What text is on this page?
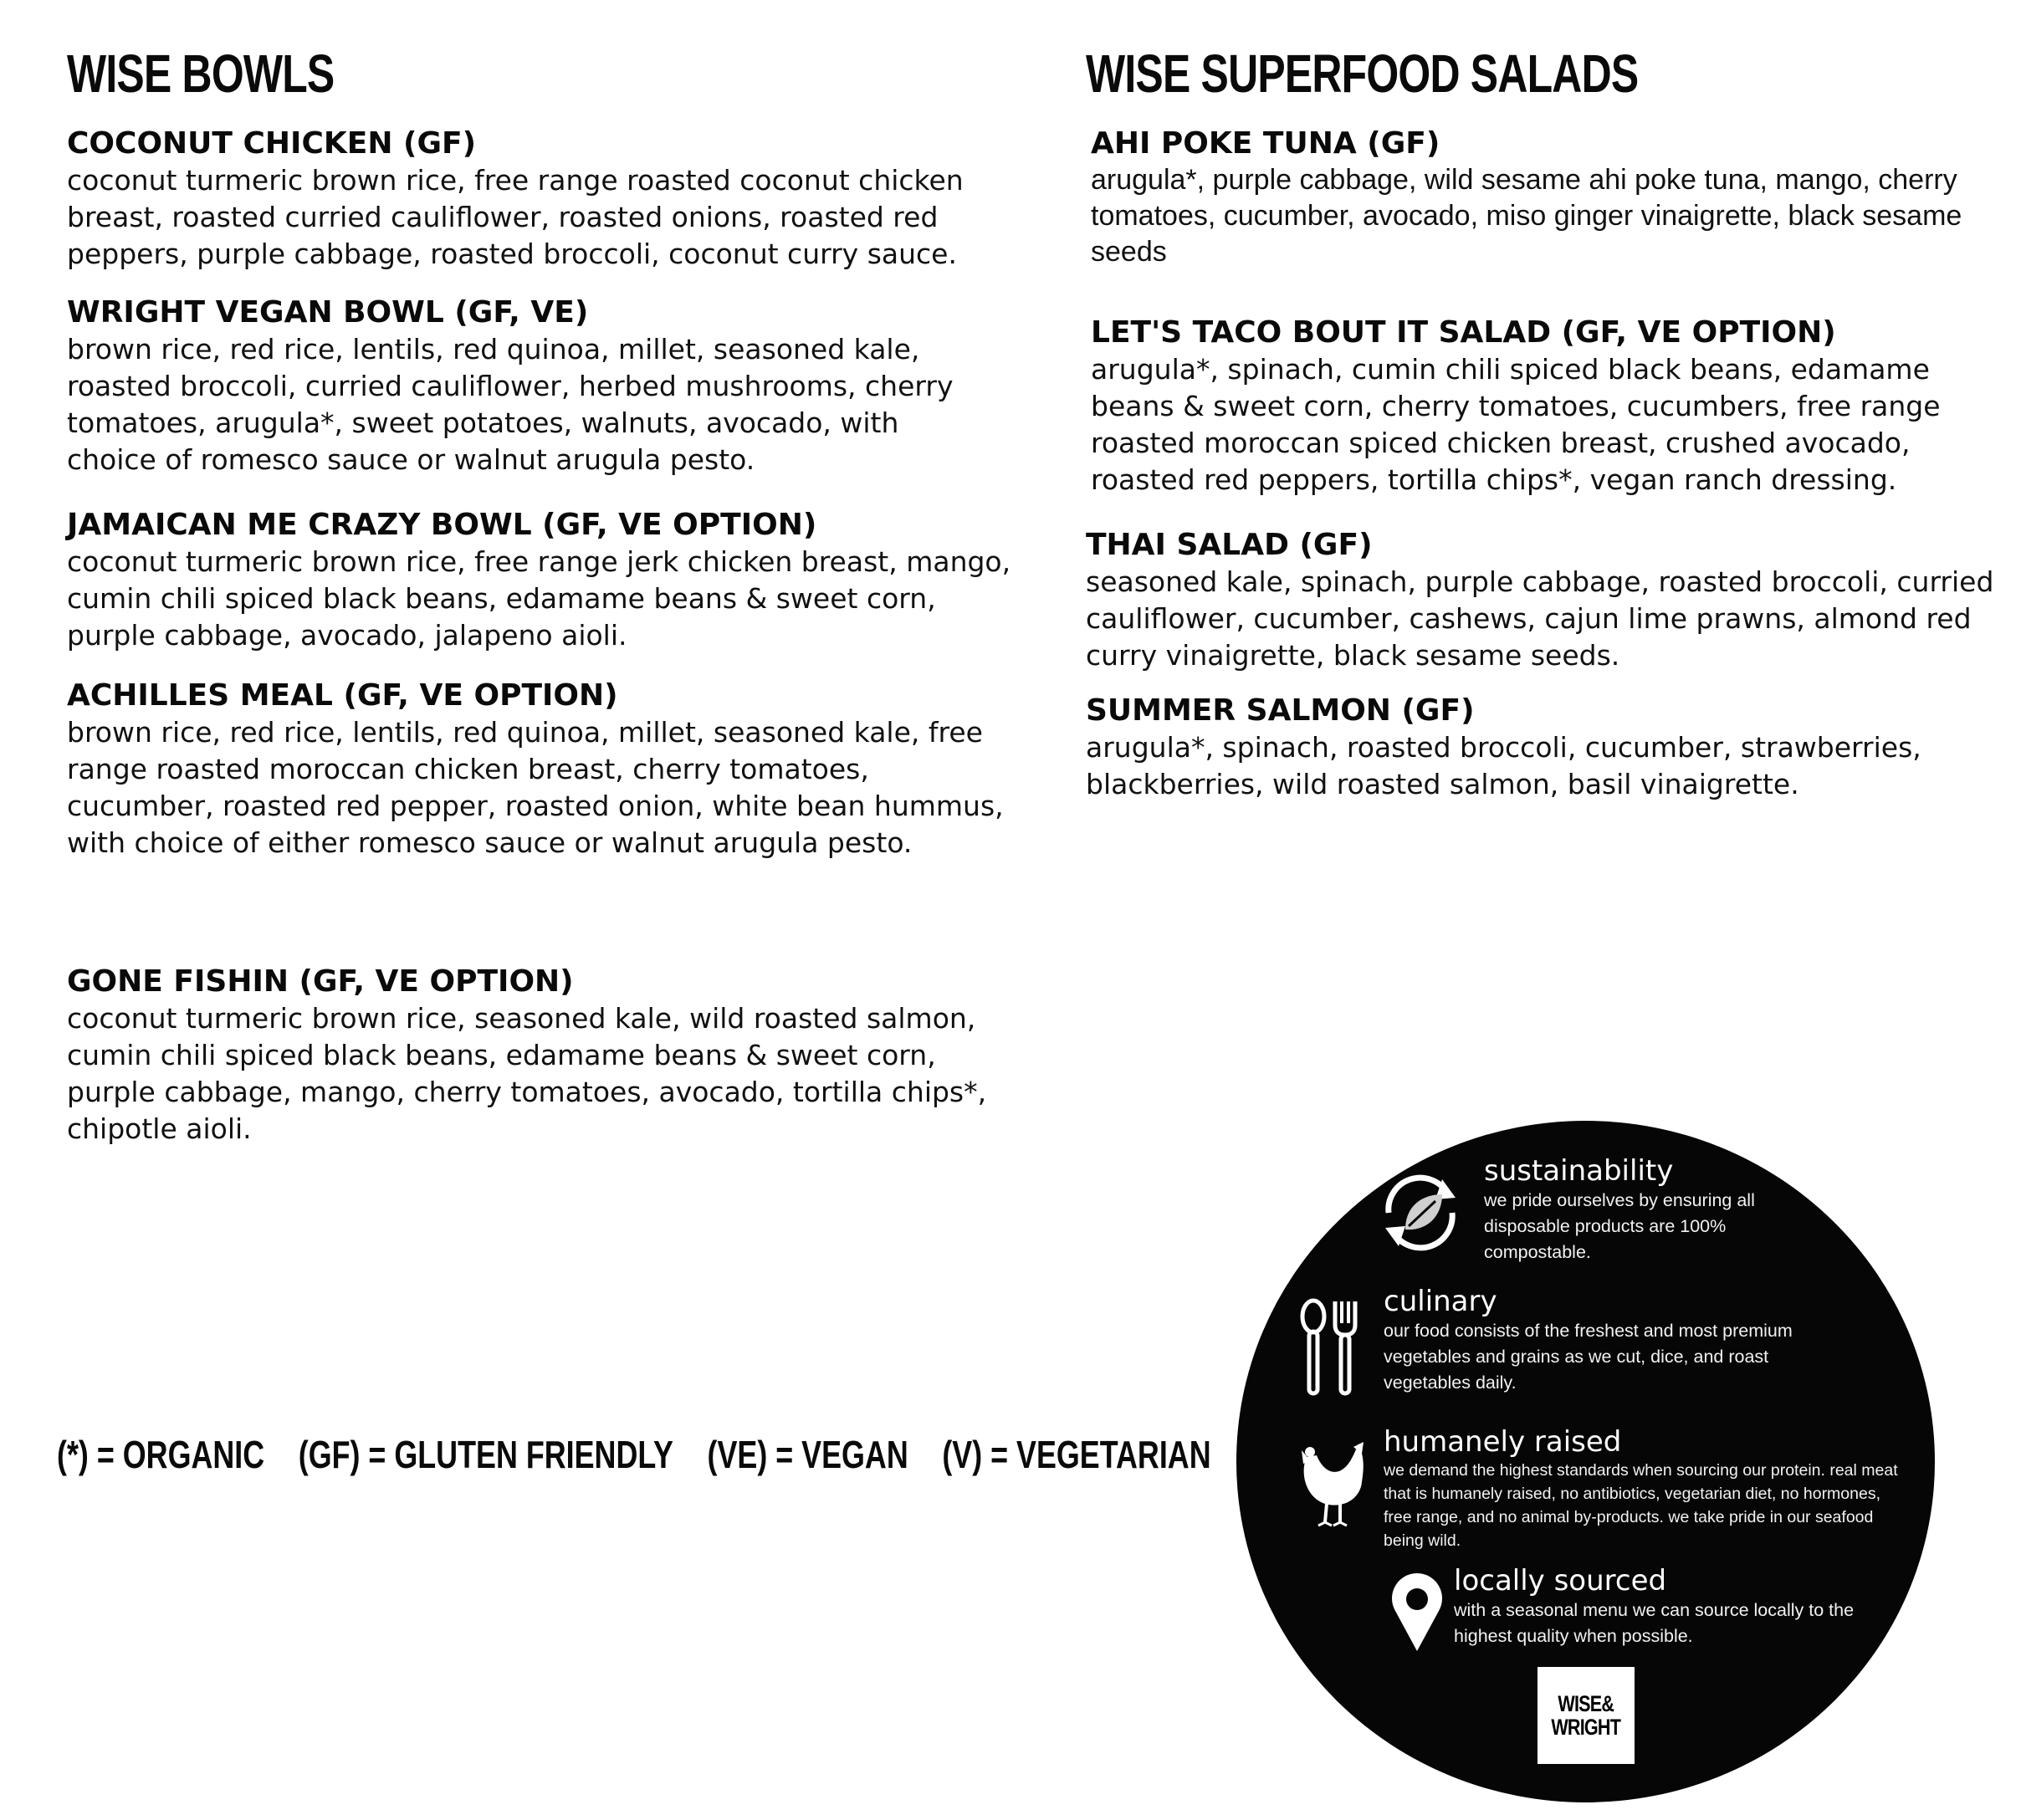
WISE BOWLS

COCONUT CHICKEN (GF)

coconut turmeric brown rice, free range roasted coconut chicken breast, roasted curried cauliflower, roasted onions, roasted red peppers, purple cabbage, roasted broccoli, coconut curry sauce.

WRIGHT VEGAN BOWL (GF, VE)

brown rice, red rice, lentils, red quinoa, millet, seasoned kale, roasted broccoli, curried cauliflower, herbed mushrooms, cherry tomatoes, arugula*, sweet potatoes, walnuts, avocado, with choice of romesco sauce or walnut arugula pesto.

JAMAICAN ME CRAZY BOWL (GF, VE OPTION)

coconut turmeric brown rice, free range jerk chicken breast, mango, cumin chili spiced black beans, edamame beans & sweet corn, purple cabbage, avocado, jalapeno aioli.

ACHILLES MEAL (GF, VE OPTION)

brown rice, red rice, lentils, red quinoa, millet, seasoned kale, free range roasted moroccan chicken breast, cherry tomatoes, cucumber, roasted red pepper, roasted onion, white bean hummus, with choice of either romesco sauce or walnut arugula pesto.

GONE FISHIN (GF, VE OPTION)

coconut turmeric brown rice, seasoned kale, wild roasted salmon, cumin chili spiced black beans, edamame beans & sweet corn, purple cabbage, mango, cherry tomatoes, avocado, tortilla chips*, chipotle aioli.

WISE SUPERFOOD SALADS

AHI POKE TUNA (GF)

arugula*, purple cabbage, wild sesame ahi poke tuna, mango, cherry tomatoes, cucumber, avocado, miso ginger vinaigrette, black sesame seeds

LET'S TACO BOUT IT SALAD (GF, VE OPTION)

arugula*, spinach, cumin chili spiced black beans, edamame beans & sweet corn, cherry tomatoes, cucumbers, free range roasted moroccan spiced chicken breast, crushed avocado, roasted red peppers, tortilla chips*, vegan ranch dressing.

THAI SALAD (GF)

seasoned kale, spinach, purple cabbage, roasted broccoli, curried cauliflower, cucumber, cashews, cajun lime prawns, almond red curry vinaigrette, black sesame seeds.

SUMMER SALMON (GF)

arugula*, spinach, roasted broccoli, cucumber, strawberries, blackberries, wild roasted salmon, basil vinaigrette.

(*) = ORGANIC (GF) = GLUTEN FRIENDLY (VE) = VEGAN (V) = VEGETARIAN

sustainability

we pride ourselves by ensuring all disposable products are 100% compostable.

culinary

our food consists of the freshest and most premium vegetables and grains as we cut, dice, and roast vegetables daily.

humanely raised

we demand the highest standards when sourcing our protein. real meat that is humanely raised, no antibiotics, vegetarian diet, no hormones, free range, and no animal by-products. we take pride in our seafood being wild.

locally sourced

with a seasonal menu we can source locally to the highest quality when possible.

WISE&
WRIGHT
